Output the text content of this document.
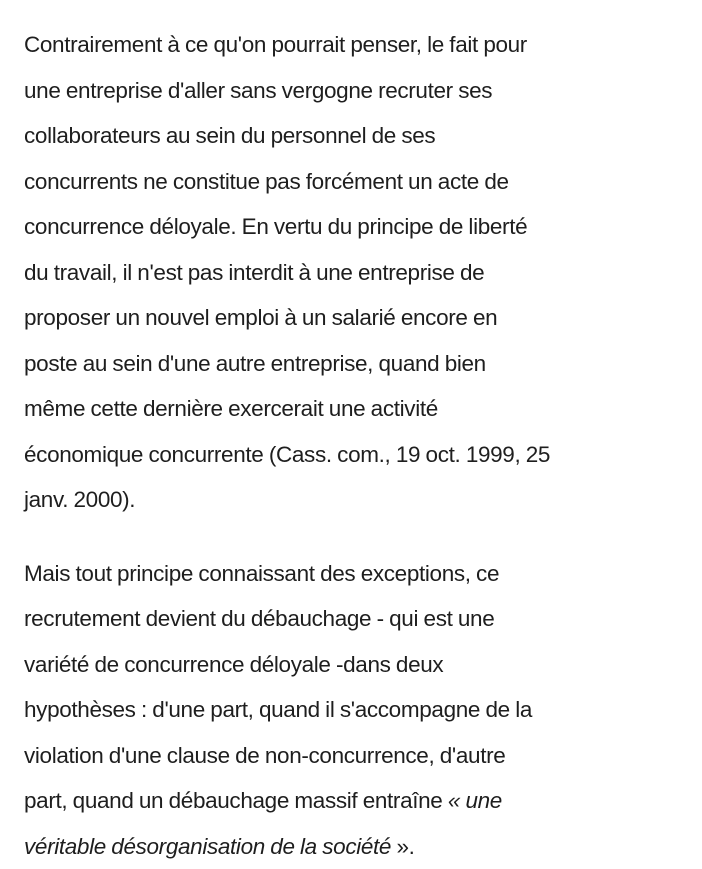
Contrairement à ce qu'on pourrait penser, le fait pour
une entreprise d'aller sans vergogne recruter ses
collaborateurs au sein du personnel de ses
concurrents ne constitue pas forcément un acte de
concurrence déloyale. En vertu du principe de liberté
du travail, il n'est pas interdit à une entreprise de
proposer un nouvel emploi à un salarié encore en
poste au sein d'une autre entreprise, quand bien
même cette dernière exercerait une activité
économique concurrente (Cass. com., 19 oct. 1999, 25
janv. 2000).

Mais tout principe connaissant des exceptions, ce
recrutement devient du débauchage - qui est une
variété de concurrence déloyale -dans deux
hypothèses : d'une part, quand il s'accompagne de la
violation d'une clause de non-concurrence, d'autre
part, quand un débauchage massif entraîne « une
véritable désorganisation de la société ».
